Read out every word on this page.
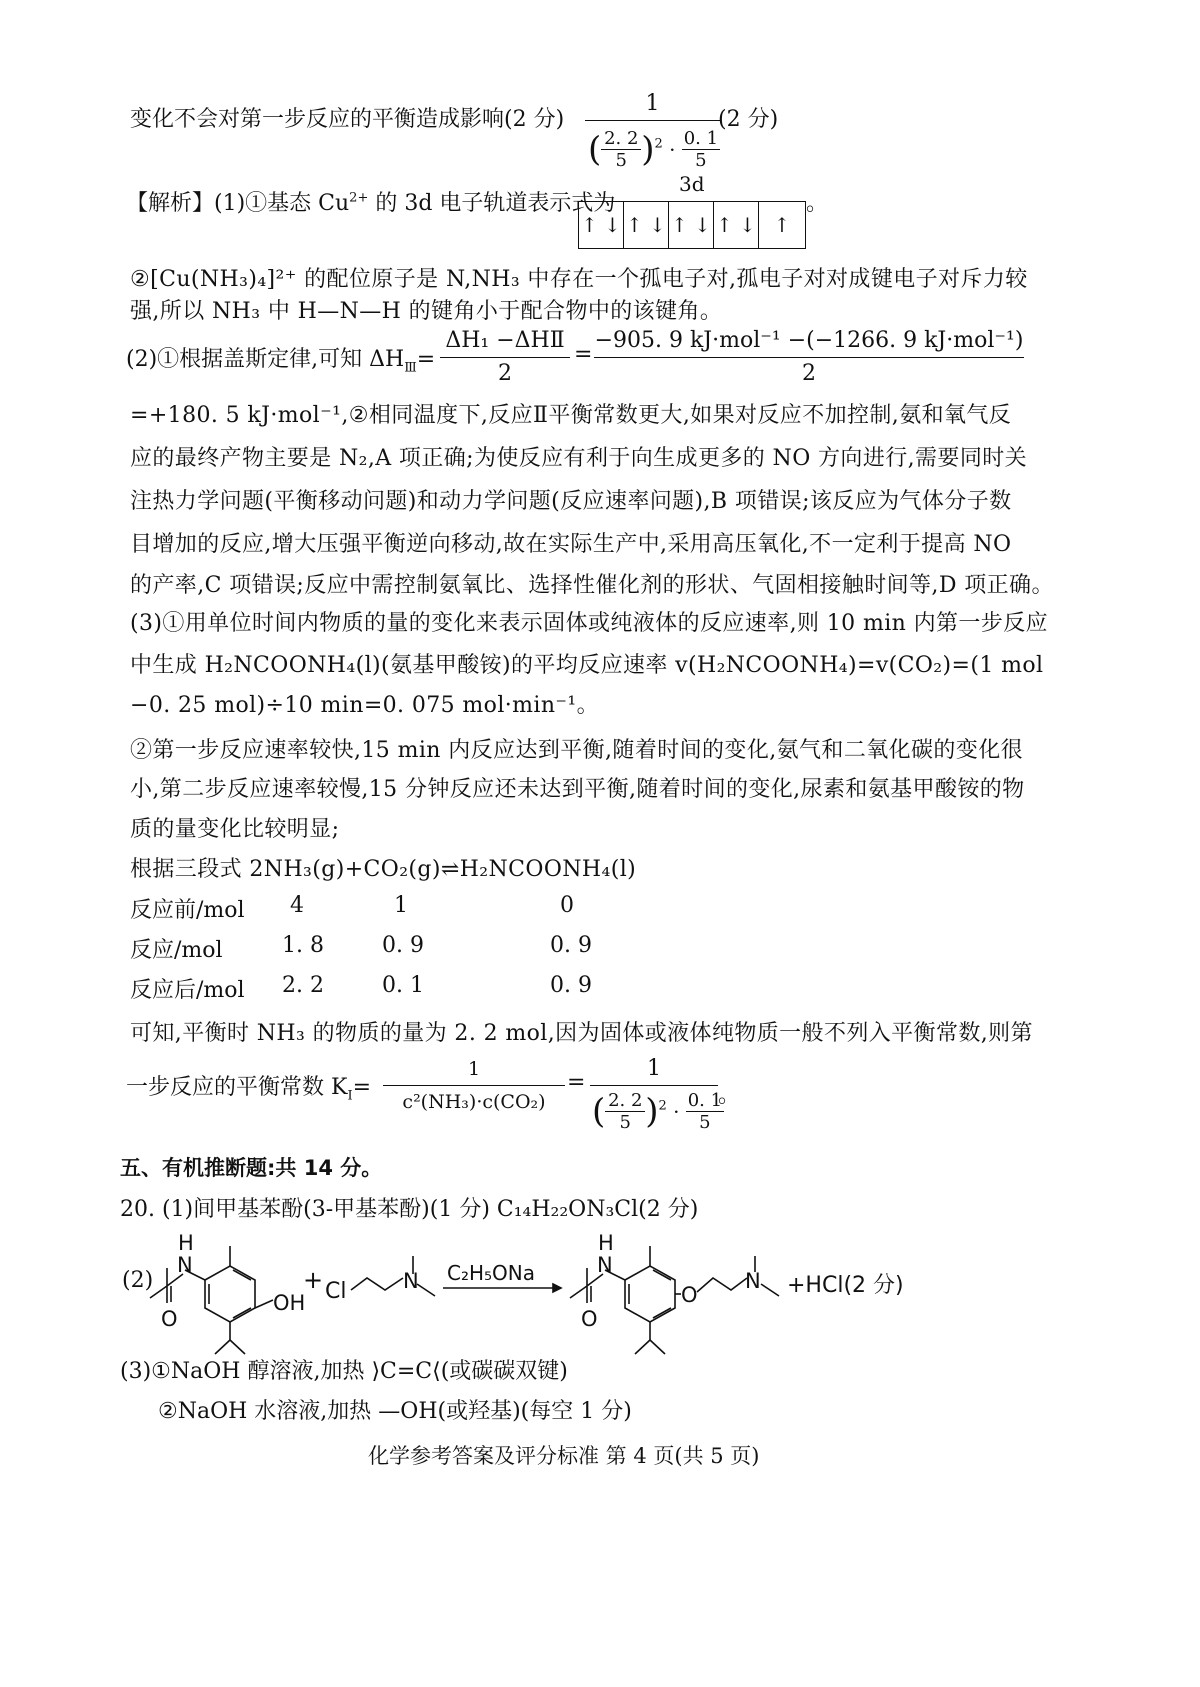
变化不会对第一步反应的平衡造成影响(2 分)
1
( $\frac{2. 2}{5} )^2 \cdot \frac{0. 1}{5}$
(2 分)
【解析】(1)①基态 $Cu^{2+}$ 的 3d 电子轨道表示式为
3d
↑ ↓ ↑ ↓ ↑ ↓ ↑ ↓ ↑
。
②[Cu(NH₃)₄]²⁺ 的配位原子是 N,NH₃ 中存在一个孤电子对,孤电子对对成键电子对斥力较
强,所以 NH₃ 中 H—N—H 的键角小于配合物中的该键角。
(2)①根据盖斯定律,可知 $\Delta H_Ⅲ=$
ΔH₁ −ΔHⅡ
2
=
−905. 9 kJ·mol⁻¹ −(−1266. 9 kJ·mol⁻¹)
2
=+180. 5 kJ·mol⁻¹,②相同温度下,反应Ⅱ平衡常数更大,如果对反应不加控制,氨和氧气反
应的最终产物主要是 N₂,A 项正确;为使反应有利于向生成更多的 NO 方向进行,需要同时关
注热力学问题(平衡移动问题)和动力学问题(反应速率问题),B 项错误;该反应为气体分子数
目增加的反应,增大压强平衡逆向移动,故在实际生产中,采用高压氧化,不一定利于提高 NO
的产率,C 项错误;反应中需控制氨氧比、选择性催化剂的形状、气固相接触时间等,D 项正确。
(3)①用单位时间内物质的量的变化来表示固体或纯液体的反应速率,则 10 min 内第一步反应
中生成 H₂NCOONH₄(l)(氨基甲酸铵)的平均反应速率 v(H₂NCOONH₄)=v(CO₂)=(1 mol
−0. 25 mol)÷10 min=0. 075 mol·min⁻¹。
②第一步反应速率较快,15 min 内反应达到平衡,随着时间的变化,氨气和二氧化碳的变化很
小,第二步反应速率较慢,15 分钟反应还未达到平衡,随着时间的变化,尿素和氨基甲酸铵的物
质的量变化比较明显;
根据三段式 2NH₃(g)+CO₂(g)⇌H₂NCOONH₄(l)
反应前/mol 4	1	0
反应/mol	1. 8	0. 9	0. 9
反应后/mol 2. 2	0. 1	0. 9
可知,平衡时 NH₃ 的物质的量为 2. 2 mol,因为固体或液体纯物质一般不列入平衡常数,则第
一步反应的平衡常数 $K_Ⅰ=$
1
c²(NH₃)·c(CO₂)
=
1
( $\frac{2. 2}{5} )^2 \cdot \frac{0. 1}{5}$
。
五、有机推断题:共 14 分。
20. (1)间甲基苯酚(3-甲基苯酚)(1 分) C₁₄H₂₂ON₃Cl(2 分)
(2)
H
N
O
OH
H
N
O
O
N
N
+ Cl
C₂H₅ONa	+HCl(2 分)
(3)①NaOH 醇溶液,加热 ⟩C=C⟨(或碳碳双键)
②NaOH 水溶液,加热 —OH(或羟基)(每空 1 分)
化学参考答案及评分标准 第 4 页(共 5 页)
